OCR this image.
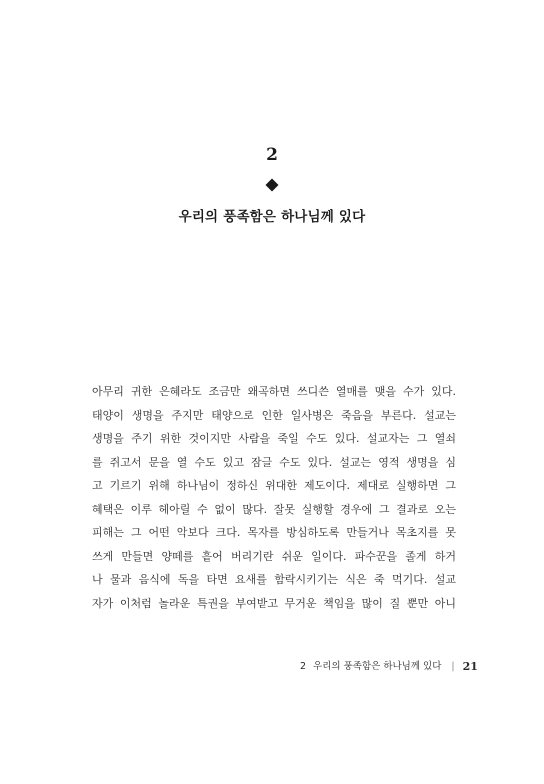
2
우리의 풍족함은 하나님께 있다
아무리 귀한 은혜라도 조금만 왜곡하면 쓰디쓴 열매를 맺을 수가 있다.
태양이 생명을 주지만 태양으로 인한 일사병은 죽음을 부른다. 설교는
생명을 주기 위한 것이지만 사람을 죽일 수도 있다. 설교자는 그 열쇠
를 쥐고서 문을 열 수도 있고 잠글 수도 있다. 설교는 영적 생명을 심
고 기르기 위해 하나님이 정하신 위대한 제도이다. 제대로 실행하면 그
혜택은 이루 헤아릴 수 없이 많다. 잘못 실행할 경우에 그 결과로 오는
피해는 그 어떤 악보다 크다. 목자를 방심하도록 만들거나 목초지를 못
쓰게 만들면 양떼를 흩어 버리기란 쉬운 일이다. 파수꾼을 졸게 하거
나 물과 음식에 독을 타면 요새를 함락시키기는 식은 죽 먹기다. 설교
자가 이처럼 놀라운 특권을 부여받고 무거운 책임을 많이 질 뿐만 아니
2 우리의 풍족함은 하나님께 있다 | 21
